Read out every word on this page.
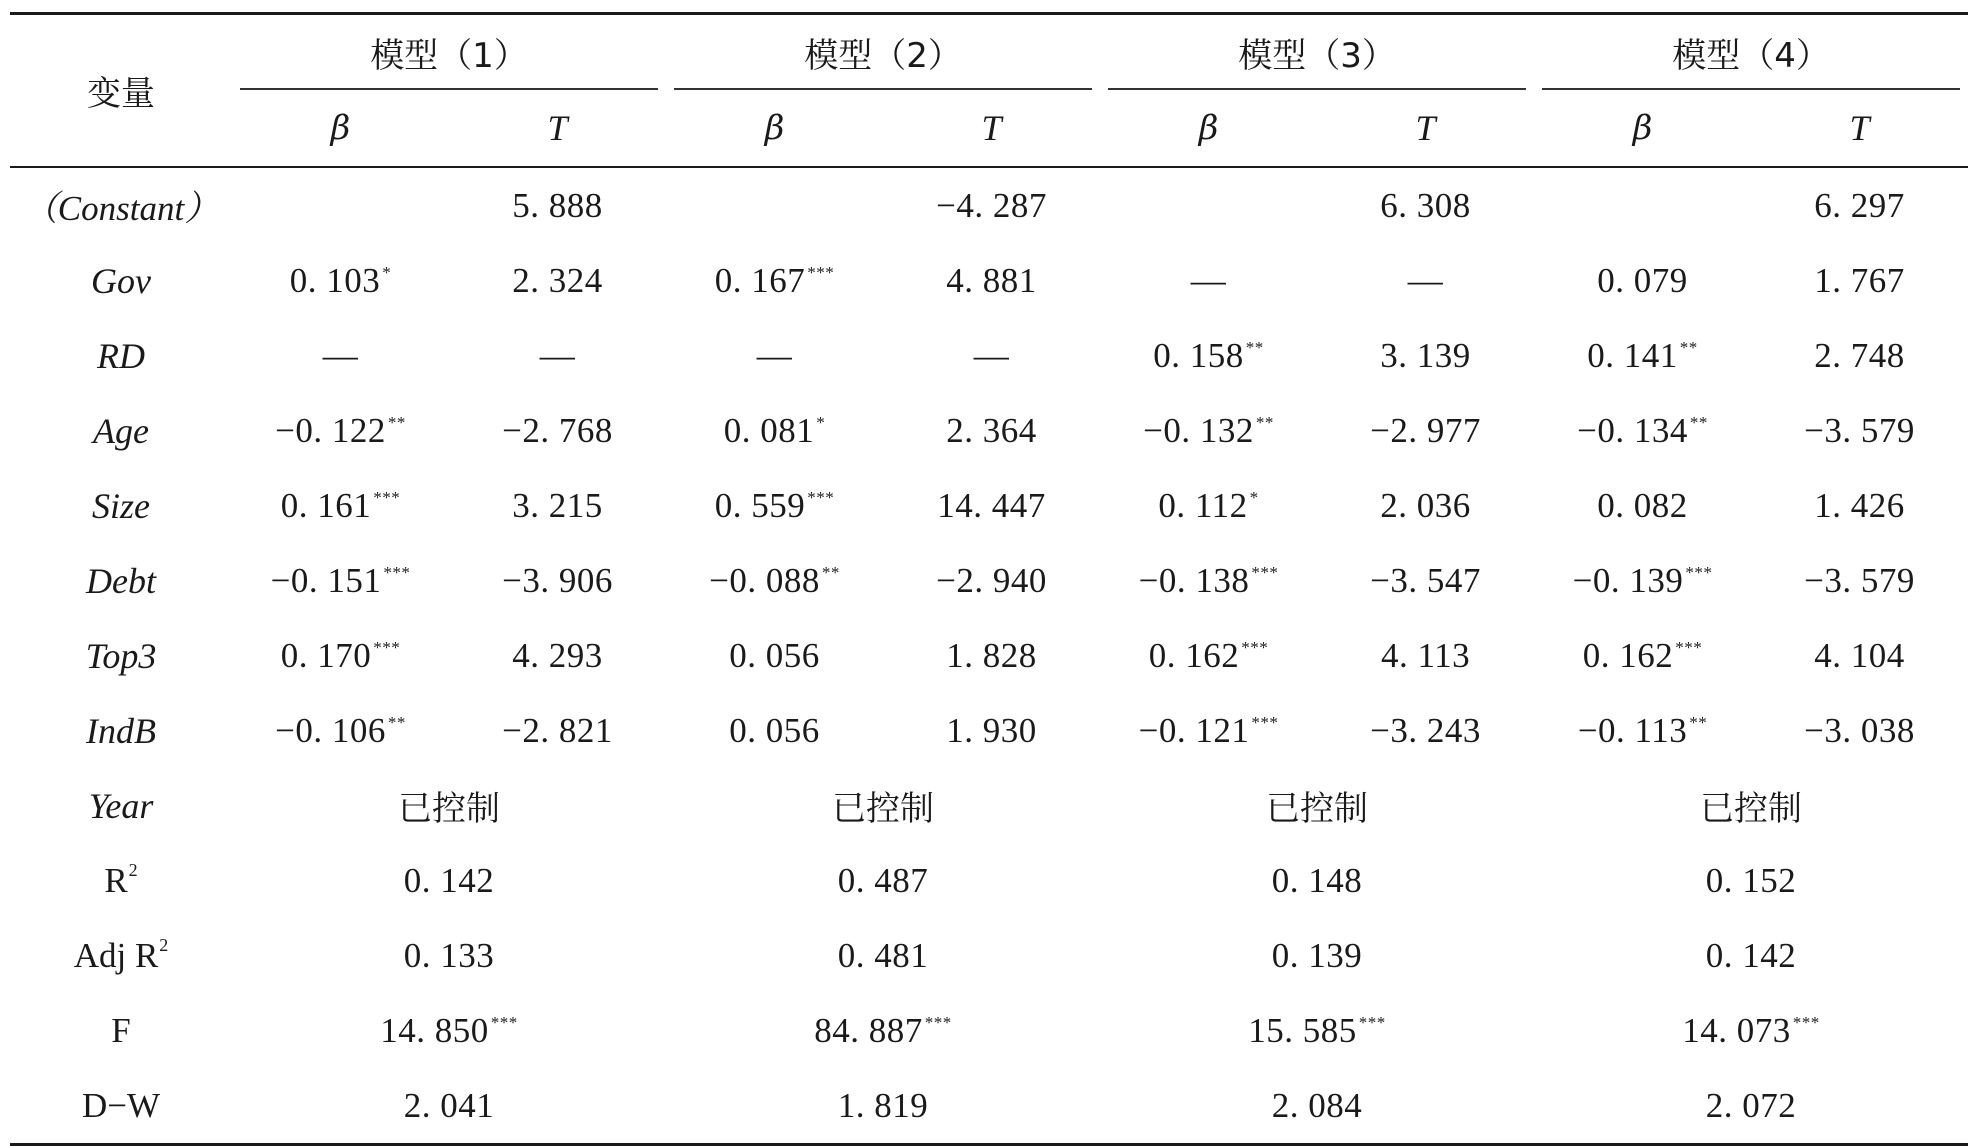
变量	模型（1）		模型（2）		模型（3）		模型（4）	

	β	T	β	T	β	T	β	T
（Constant）		5. 888		−4. 287		6. 308		6. 297
Gov	0. 103 *	2. 324	0. 167 ***	4. 881	—	—	0. 079	1. 767
RD	—	—	—	—	0. 158 **	3. 139	0. 141 **	2. 748
Age	−0. 122 **	−2. 768	0. 081 *	2. 364	−0. 132 **	−2. 977	−0. 134 **	−3. 579
Size	0. 161 ***	3. 215	0. 559 ***	14. 447	0. 112 *	2. 036	0. 082	1. 426
Debt	−0. 151 ***	−3. 906	−0. 088 **	−2. 940	−0. 138 ***	−3. 547	−0. 139 ***	−3. 579
Top3	0. 170 ***	4. 293	0. 056	1. 828	0. 162 ***	4. 113	0. 162 ***	4. 104
IndB	−0. 106 **	−2. 821	0. 056	1. 930	−0. 121 ***	−3. 243	−0. 113 **	−3. 038
Year	已控制		已控制		已控制		已控制	
$R^2$	0. 142		0. 487		0. 148		0. 152	
Adj $R^2$	0. 133		0. 481		0. 139		0. 142	
F	14. 850 ***		84. 887 ***		15. 585 ***		14. 073 ***
D−W	2. 041		1. 819		2. 084		2. 072	
